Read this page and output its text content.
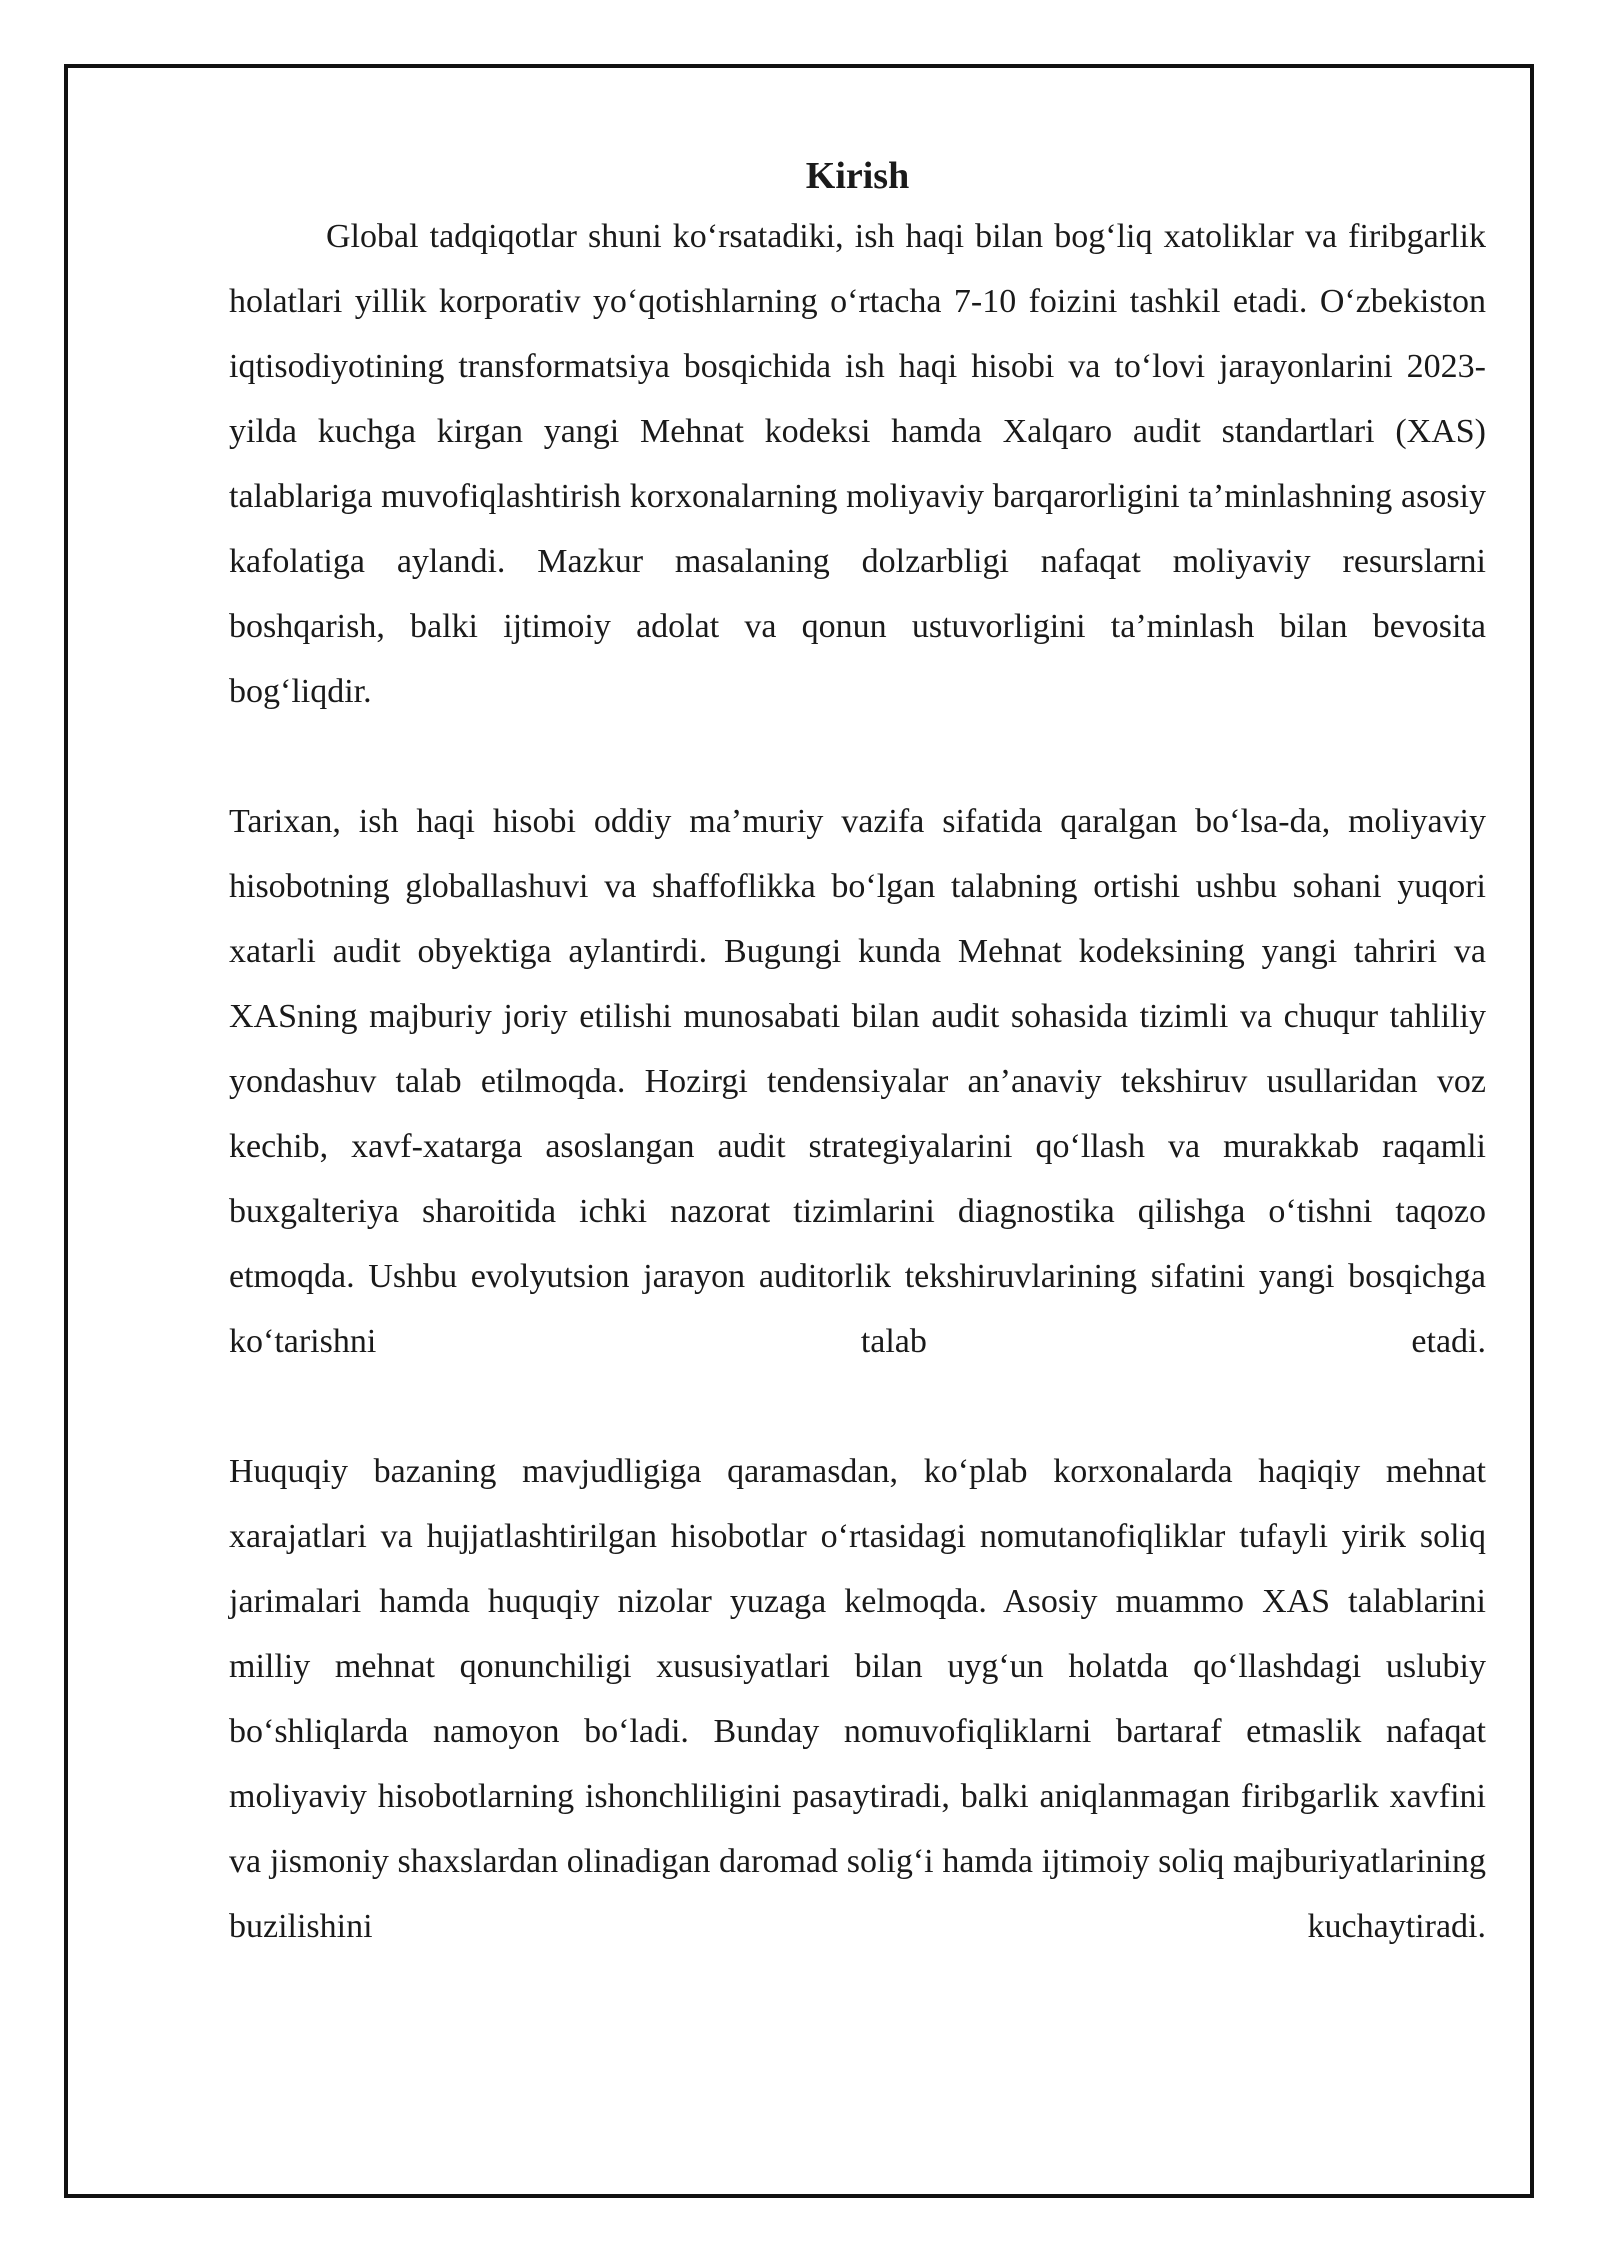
Kirish

Global tadqiqotlar shuni ko‘rsatadiki, ish haqi bilan bog‘liq xatoliklar va firibgarlik holatlari yillik korporativ yo‘qotishlarning o‘rtacha 7-10 foizini tashkil etadi. O‘zbekiston iqtisodiyotining transformatsiya bosqichida ish haqi hisobi va to‘lovi jarayonlarini 2023-yilda kuchga kirgan yangi Mehnat kodeksi hamda Xalqaro audit standartlari (XAS) talablariga muvofiqlashtirish korxonalarning moliyaviy barqarorligini ta’minlashning asosiy kafolatiga aylandi. Mazkur masalaning dolzarbligi nafaqat moliyaviy resurslarni boshqarish, balki ijtimoiy adolat va qonun ustuvorligini ta’minlash bilan bevosita bog‘liqdir.

Tarixan, ish haqi hisobi oddiy ma’muriy vazifa sifatida qaralgan bo‘lsa-da, moliyaviy hisobotning globallashuvi va shaffoflikka bo‘lgan talabning ortishi ushbu sohani yuqori xatarli audit obyektiga aylantirdi. Bugungi kunda Mehnat kodeksining yangi tahriri va XASning majburiy joriy etilishi munosabati bilan audit sohasida tizimli va chuqur tahliliy yondashuv talab etilmoqda. Hozirgi tendensiyalar an’anaviy tekshiruv usullaridan voz kechib, xavf-xatarga asoslangan audit strategiyalarini qo‘llash va murakkab raqamli buxgalteriya sharoitida ichki nazorat tizimlarini diagnostika qilishga o‘tishni taqozo etmoqda. Ushbu evolyutsion jarayon auditorlik tekshiruvlarining sifatini yangi bosqichga ko‘tarishni talab etadi.

Huquqiy bazaning mavjudligiga qaramasdan, ko‘plab korxonalarda haqiqiy mehnat xarajatlari va hujjatlashtirilgan hisobotlar o‘rtasidagi nomutanofiqliklar tufayli yirik soliq jarimalari hamda huquqiy nizolar yuzaga kelmoqda. Asosiy muammo XAS talablarini milliy mehnat qonunchiligi xususiyatlari bilan uyg‘un holatda qo‘llashdagi uslubiy bo‘shliqlarda namoyon bo‘ladi. Bunday nomuvofiqliklarni bartaraf etmaslik nafaqat moliyaviy hisobotlarning ishonchliligini pasaytiradi, balki aniqlanmagan firibgarlik xavfini va jismoniy shaxslardan olinadigan daromad solig‘i hamda ijtimoiy soliq majburiyatlarining buzilishini kuchaytiradi.
